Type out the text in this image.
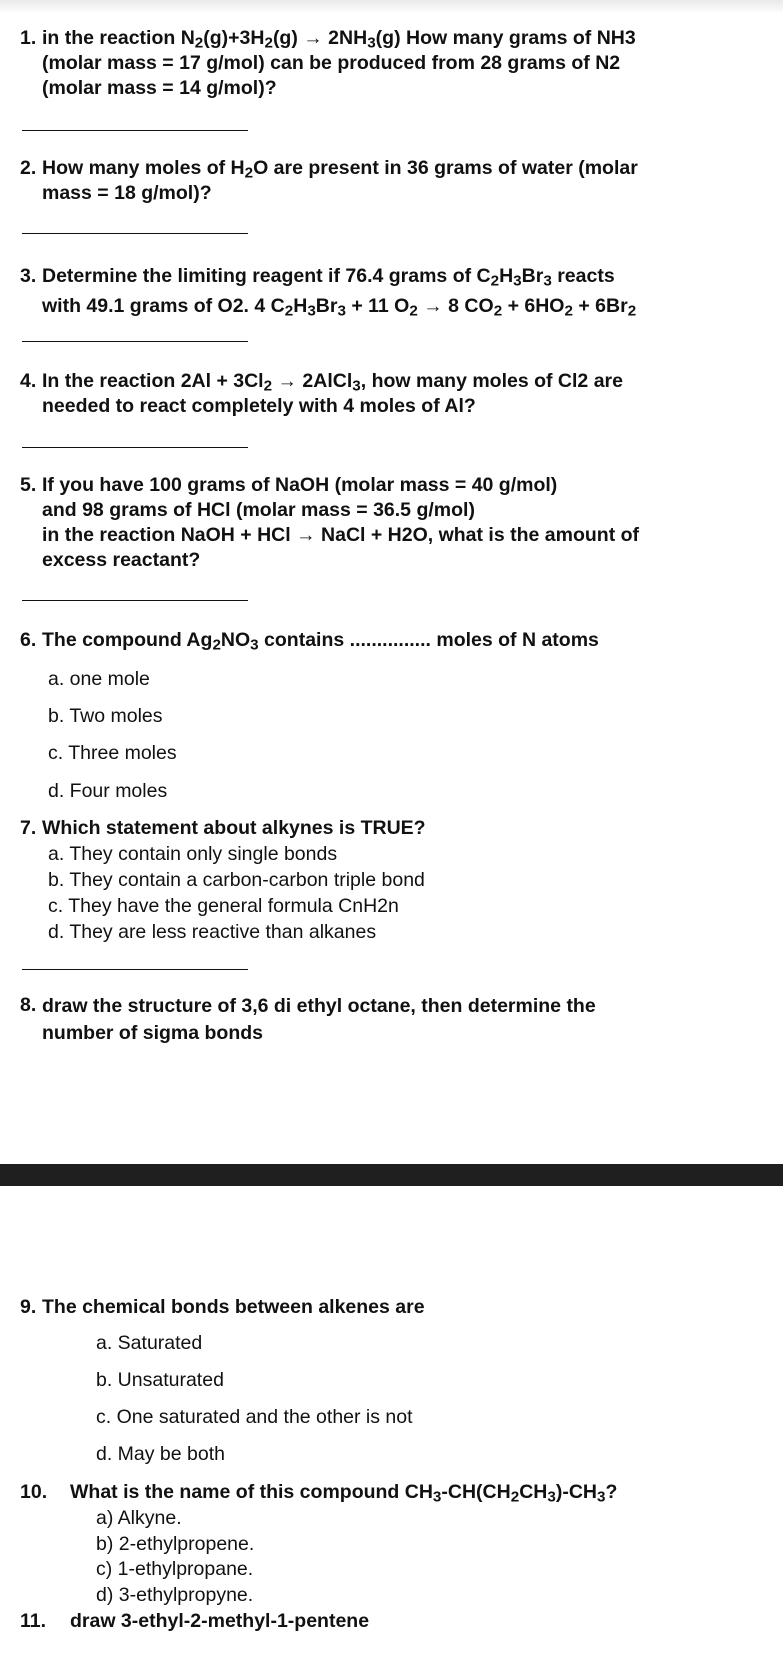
1. in the reaction $N_2(g)+3H_2(g) \to 2NH_3(g)$ How many grams of NH3
(molar mass = 17 g/mol) can be produced from 28 grams of N2
(molar mass = 14 g/mol)?
2. How many moles of $H_2O$ are present in 36 grams of water (molar
mass = 18 g/mol)?
3. Determine the limiting reagent if 76.4 grams of $C_2H_3Br_3$ reacts
with 49.1 grams of O2. 4 $C_2H_3Br_3 + 11$ $O_2 \to 8$ $CO_2 + 6HO_2 + 6Br_2$
4. In the reaction $2Al + 3Cl_2$ → 2AlCl$_3$, how many moles of Cl2 are
needed to react completely with 4 moles of Al?
5. If you have 100 grams of NaOH (molar mass = 40 g/mol)
and 98 grams of HCl (molar mass = 36.5 g/mol)
in the reaction NaOH + HCl → NaCl + H2O, what is the amount of
excess reactant?
6. The compound $Ag_2NO_3$ contains ............... moles of N atoms
a. one mole
b. Two moles
c. Three moles
d. Four moles
7. Which statement about alkynes is TRUE?
a. They contain only single bonds
b. They contain a carbon-carbon triple bond
c. They have the general formula CnH2n
d. They are less reactive than alkanes
8. draw the structure of 3,6 di ethyl octane, then determine the
number of sigma bonds
9. The chemical bonds between alkenes are
a. Saturated
b. Unsaturated
c. One saturated and the other is not
d. May be both
10. What is the name of this compound $CH_3-CH(CH_2CH_3)-CH_3$?
a) Alkyne.
b) 2-ethylpropene.
c) 1-ethylpropane.
d) 3-ethylpropyne.
11. draw 3-ethyl-2-methyl-1-pentene
